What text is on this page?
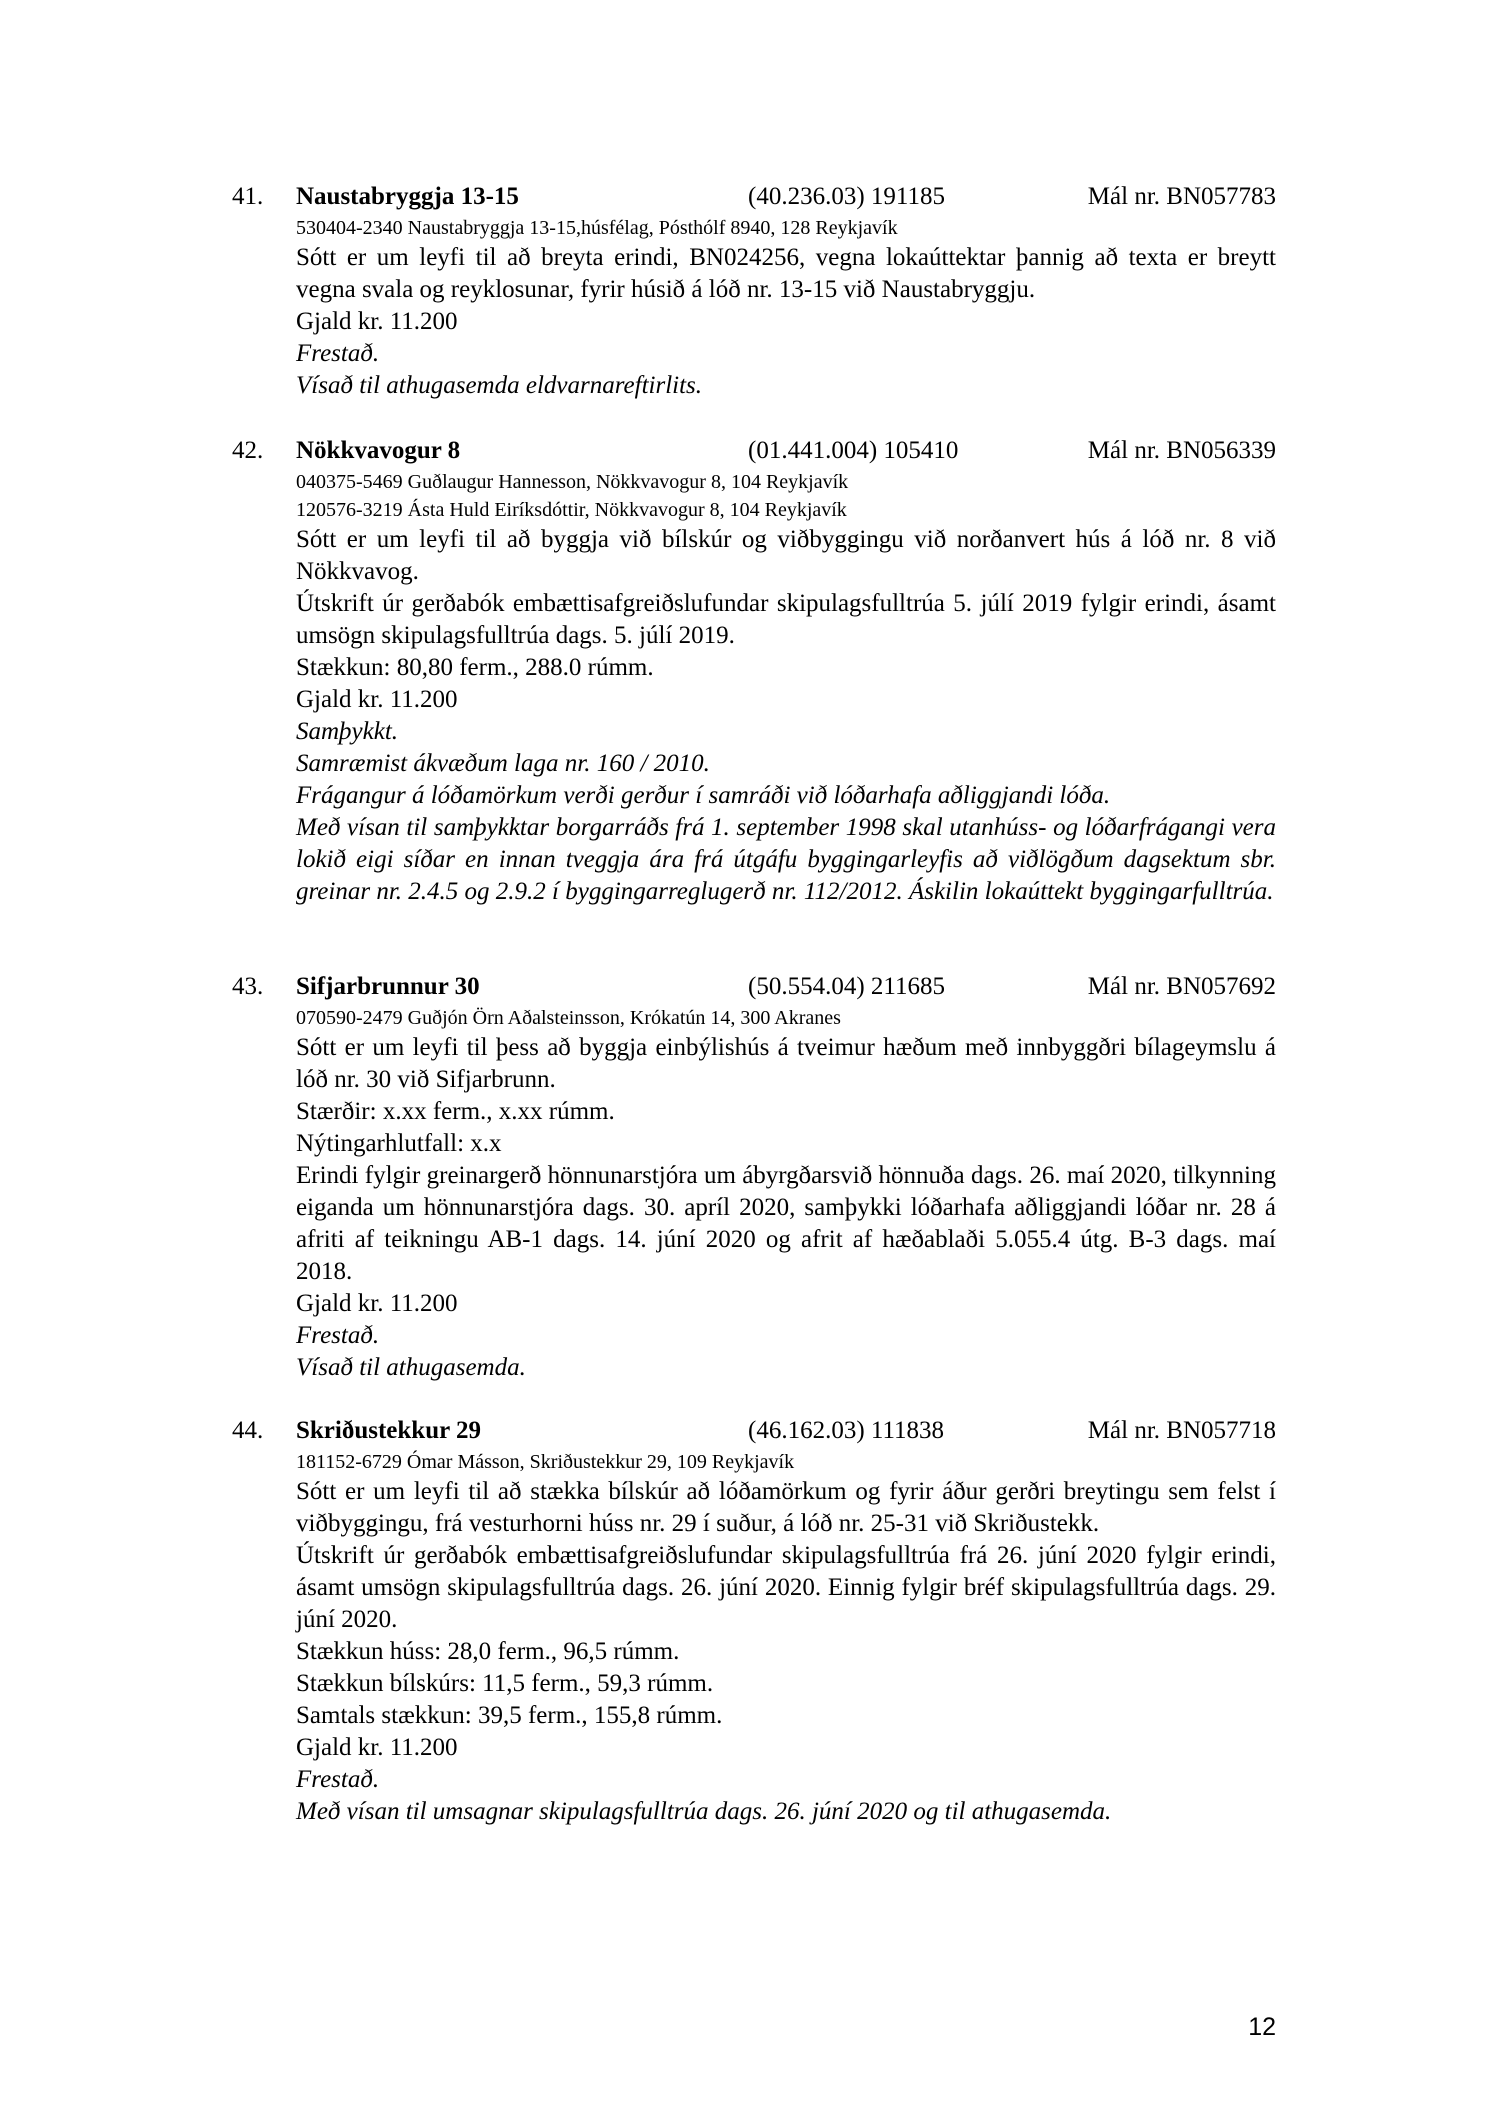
41. Naustabryggja 13-15	(40.236.03) 191185	Mál nr. BN057783
530404-2340 Naustabryggja 13-15,húsfélag, Pósthólf 8940, 128 Reykjavík

Sótt er um leyfi til að breyta erindi, BN024256, vegna lokaúttektar þannig að texta er breytt vegna svala og reyklosunar, fyrir húsið á lóð nr. 13-15 við Naustabryggju.

Gjald kr. 11.200

Frestað.

Vísað til athugasemda eldvarnareftirlits.

42. Nökkvavogur 8	(01.441.004) 105410	Mál nr. BN056339
040375-5469 Guðlaugur Hannesson, Nökkvavogur 8, 104 Reykjavík
120576-3219 Ásta Huld Eiríksdóttir, Nökkvavogur 8, 104 Reykjavík

Sótt er um leyfi til að byggja við bílskúr og viðbyggingu við norðanvert hús á lóð nr. 8 við Nökkvavog.

Útskrift úr gerðabók embættisafgreiðslufundar skipulagsfulltrúa 5. júlí 2019 fylgir erindi, ásamt umsögn skipulagsfulltrúa dags. 5. júlí 2019.

Stækkun: 80,80 ferm., 288.0 rúmm.

Gjald kr. 11.200

Samþykkt.

Samræmist ákvæðum laga nr. 160 / 2010.

Frágangur á lóðamörkum verði gerður í samráði við lóðarhafa aðliggjandi lóða.

Með vísan til samþykktar borgarráðs frá 1. september 1998 skal utanhúss- og lóðarfrágangi vera lokið eigi síðar en innan tveggja ára frá útgáfu byggingarleyfis að viðlögðum dagsektum sbr. greinar nr. 2.4.5 og 2.9.2 í byggingarreglugerð nr. 112/2012. Áskilin lokaúttekt byggingarfulltrúa.

43. Sifjarbrunnur 30	(50.554.04) 211685	Mál nr. BN057692
070590-2479 Guðjón Örn Aðalsteinsson, Krókatún 14, 300 Akranes

Sótt er um leyfi til þess að byggja einbýlishús á tveimur hæðum með innbyggðri bílageymslu á lóð nr. 30 við Sifjarbrunn.

Stærðir: x.xx ferm., x.xx rúmm.

Nýtingarhlutfall: x.x

Erindi fylgir greinargerð hönnunarstjóra um ábyrgðarsvið hönnuða dags. 26. maí 2020, tilkynning eiganda um hönnunarstjóra dags. 30. apríl 2020, samþykki lóðarhafa aðliggjandi lóðar nr. 28 á afriti af teikningu AB-1 dags. 14. júní 2020 og afrit af hæðablaði 5.055.4 útg. B-3 dags. maí 2018.

Gjald kr. 11.200

Frestað.

Vísað til athugasemda.

44. Skriðustekkur 29	(46.162.03) 111838	Mál nr. BN057718
181152-6729 Ómar Másson, Skriðustekkur 29, 109 Reykjavík

Sótt er um leyfi til að stækka bílskúr að lóðamörkum og fyrir áður gerðri breytingu sem felst í viðbyggingu, frá vesturhorni húss nr. 29 í suður, á lóð nr. 25-31 við Skriðustekk.

Útskrift úr gerðabók embættisafgreiðslufundar skipulagsfulltrúa frá 26. júní 2020 fylgir erindi, ásamt umsögn skipulagsfulltrúa dags. 26. júní 2020. Einnig fylgir bréf skipulagsfulltrúa dags. 29. júní 2020.

Stækkun húss: 28,0 ferm., 96,5 rúmm.

Stækkun bílskúrs: 11,5 ferm., 59,3 rúmm.

Samtals stækkun: 39,5 ferm., 155,8 rúmm.

Gjald kr. 11.200

Frestað.

Með vísan til umsagnar skipulagsfulltrúa dags. 26. júní 2020 og til athugasemda.

12
